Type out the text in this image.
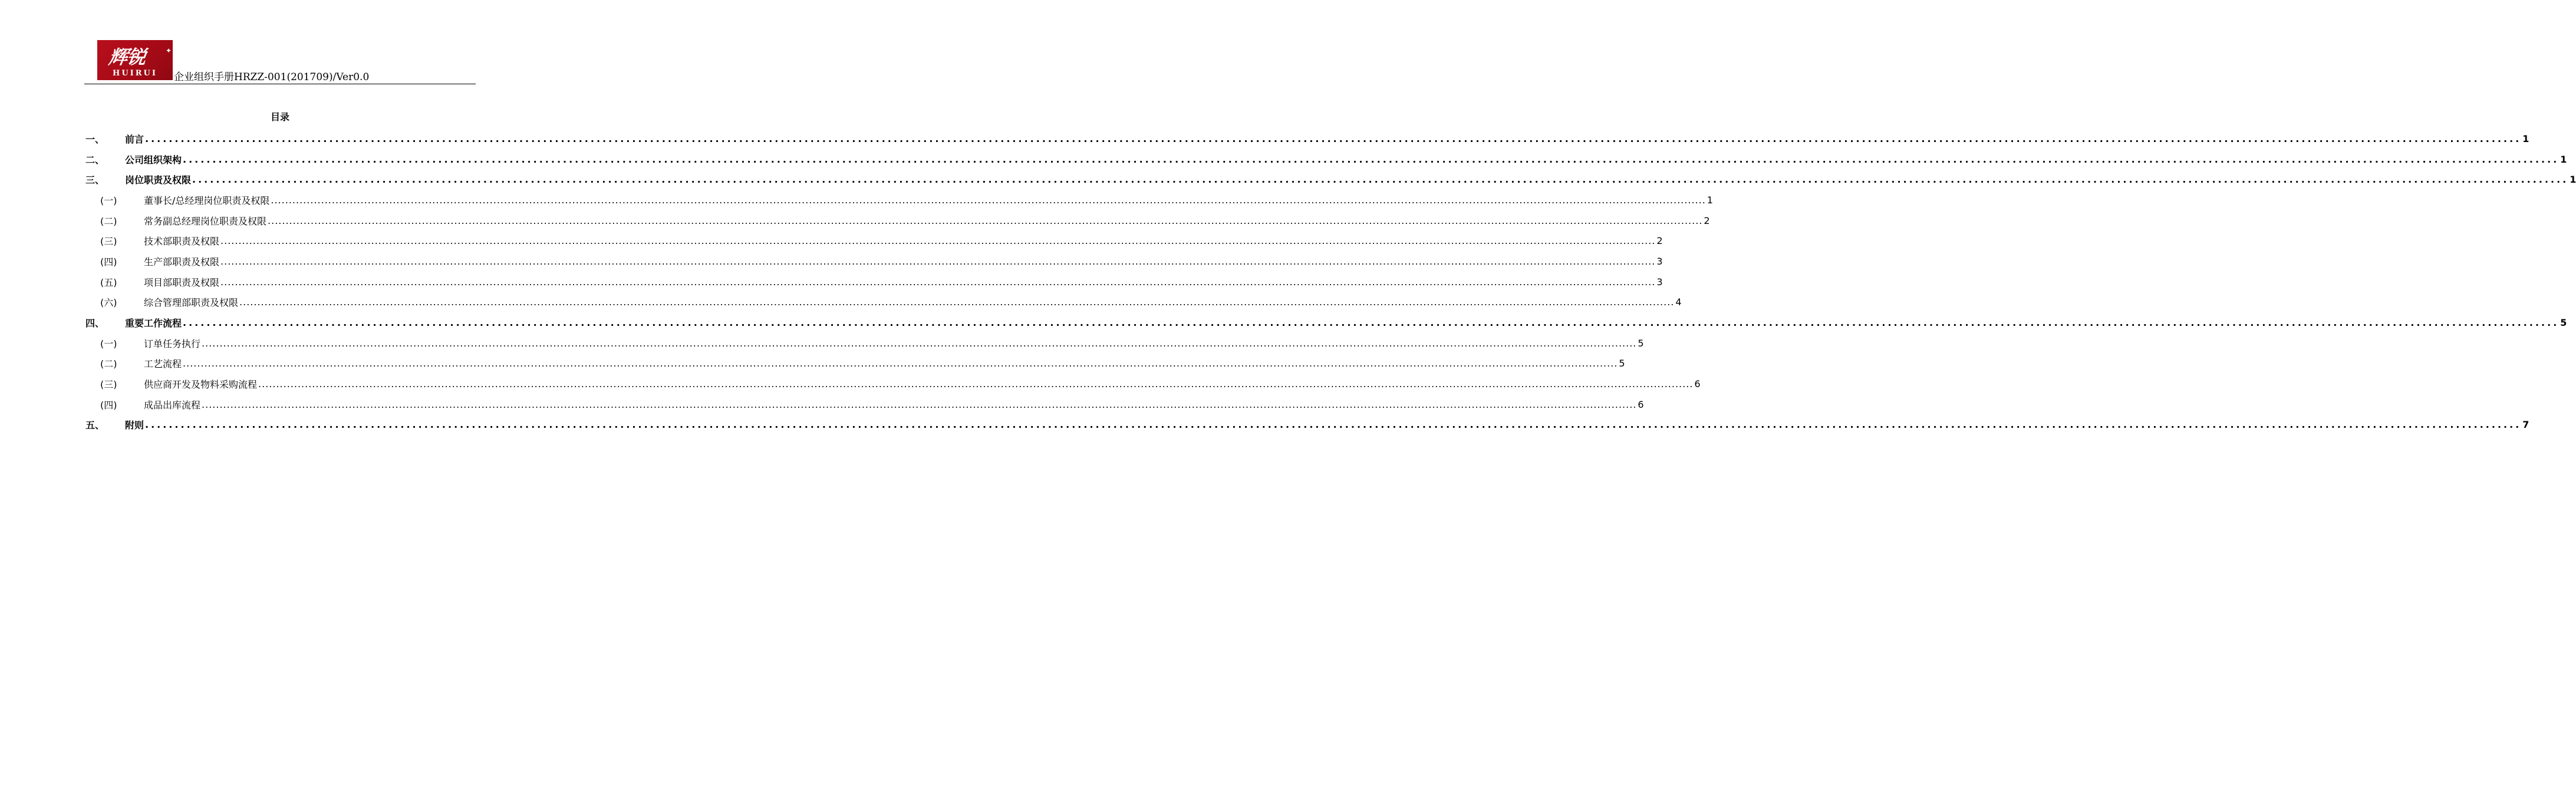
辉锐	✦
HUIRUI	企业组织手册HRZZ-001(201709)/Ver0.0
目录
一、	前言 ................................................................................................................................................................................................................................................................................................................................................................................................................ 1
二、	公司组织架构 ................................................................................................................................................................................................................................................................................................................................................................................................................ 1
三、	岗位职责及权限 ................................................................................................................................................................................................................................................................................................................................................................................................................ 1
(一)	董事长/总经理岗位职责及权限 ................................................................................................................................................................................................................................................................................................................................................................................................................ 1
(二)	常务副总经理岗位职责及权限 ................................................................................................................................................................................................................................................................................................................................................................................................................ 2
(三)	技术部职责及权限 ................................................................................................................................................................................................................................................................................................................................................................................................................ 2
(四)	生产部职责及权限 ................................................................................................................................................................................................................................................................................................................................................................................................................ 3
(五)	项目部职责及权限 ................................................................................................................................................................................................................................................................................................................................................................................................................ 3
(六)	综合管理部职责及权限 ................................................................................................................................................................................................................................................................................................................................................................................................................ 4
四、	重要工作流程 ................................................................................................................................................................................................................................................................................................................................................................................................................ 5
(一)	订单任务执行 ................................................................................................................................................................................................................................................................................................................................................................................................................ 5
(二)	工艺流程 ................................................................................................................................................................................................................................................................................................................................................................................................................ 5
(三)	供应商开发及物料采购流程 ................................................................................................................................................................................................................................................................................................................................................................................................................ 6
(四)	成品出库流程 ................................................................................................................................................................................................................................................................................................................................................................................................................ 6
五、	附则 ................................................................................................................................................................................................................................................................................................................................................................................................................ 7
